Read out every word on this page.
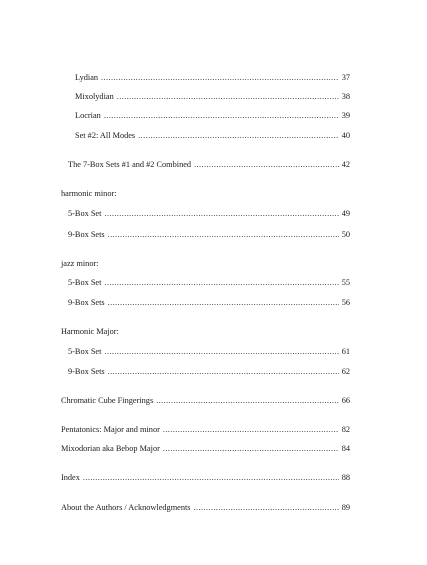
Lydian .....	37
Mixolydian .....	38
Locrian .....	39
Set #2: All Modes .....	40
The 7-Box Sets #1 and #2 Combined .....	42
harmonic minor:
5-Box Set .....	49
9-Box Sets .....	50
jazz minor:
5-Box Set .....	55
9-Box Sets .....	56
Harmonic Major:
5-Box Set .....	61
9-Box Sets .....	62
Chromatic Cube Fingerings .....	66
Pentatonics: Major and minor .....	82
Mixodorian aka Bebop Major .....	84
Index .....	88
About the Authors / Acknowledgments .....	89
